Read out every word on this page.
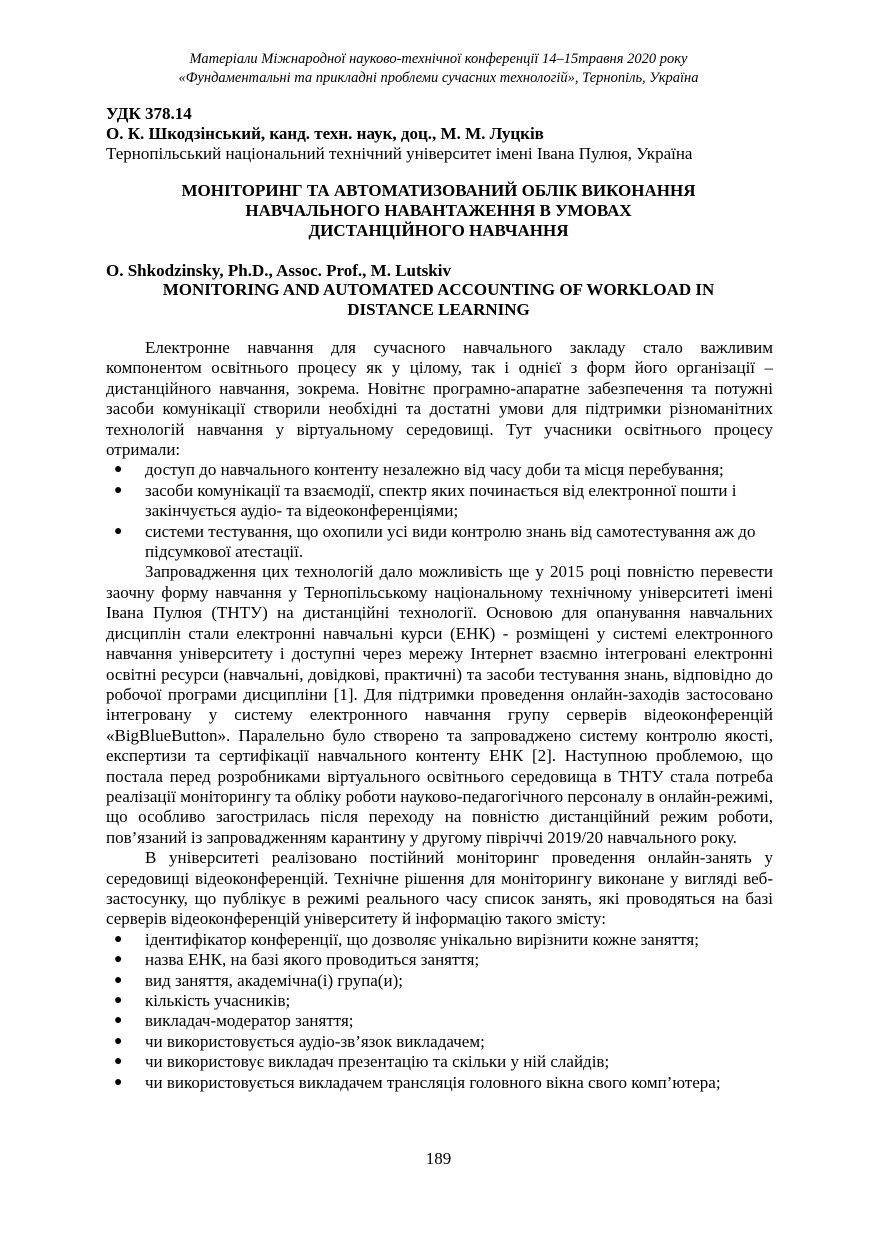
Матеріали Міжнародної науково-технічної конференції 14–15травня 2020 року
«Фундаментальні та прикладні проблеми сучасних технологій», Тернопіль, Україна
УДК 378.14
О. К. Шкодзінський, канд. техн. наук, доц., М. М. Луцків
Тернопільський національний технічний університет імені Івана Пулюя, Україна
МОНІТОРИНГ ТА АВТОМАТИЗОВАНИЙ ОБЛІК ВИКОНАННЯ
НАВЧАЛЬНОГО НАВАНТАЖЕННЯ В УМОВАХ
ДИСТАНЦІЙНОГО НАВЧАННЯ
O. Shkodzinsky, Ph.D., Assoc. Prof., M. Lutskiv
MONITORING AND AUTOMATED ACCOUNTING OF WORKLOAD IN
DISTANCE LEARNING

Електронне навчання для сучасного навчального закладу стало важливим компонентом освітнього процесу як у цілому, так і однієї з форм його організації – дистанційного навчання, зокрема. Новітнє програмно-апаратне забезпечення та потужні засоби комунікації створили необхідні та достатні умови для підтримки різноманітних технологій навчання у віртуальному середовищі. Тут учасники освітнього процесу отримали:

● доступ до навчального контенту незалежно від часу доби та місця перебування;
● засоби комунікації та взаємодії, спектр яких починається від електронної пошти і закінчується аудіо- та відеоконференціями;
● системи тестування, що охопили усі види контролю знань від самотестування аж до підсумкової атестації.

Запровадження цих технологій дало можливість ще у 2015 році повністю перевести заочну форму навчання у Тернопільському національному технічному університеті імені Івана Пулюя (ТНТУ) на дистанційні технології. Основою для опанування навчальних дисциплін стали електронні навчальні курси (ЕНК) - розміщені у системі електронного навчання університету і доступні через мережу Інтернет взаємно інтегровані електронні освітні ресурси (навчальні, довідкові, практичні) та засоби тестування знань, відповідно до робочої програми дисципліни [1]. Для підтримки проведення онлайн-заходів застосовано інтегровану у систему електронного навчання групу серверів відеоконференцій «BigBlueButton». Паралельно було створено та запроваджено систему контролю якості, експертизи та сертифікації навчального контенту ЕНК [2]. Наступною проблемою, що постала перед розробниками віртуального освітнього середовища в ТНТУ стала потреба реалізації моніторингу та обліку роботи науково-педагогічного персоналу в онлайн-режимі, що особливо загострилась після переходу на повністю дистанційний режим роботи, пов’язаний із запровадженням карантину у другому півріччі 2019/20 навчального року.

В університеті реалізовано постійний моніторинг проведення онлайн-занять у середовищі відеоконференцій. Технічне рішення для моніторингу виконане у вигляді веб-застосунку, що публікує в режимі реального часу список занять, які проводяться на базі серверів відеоконференцій університету й інформацію такого змісту:

● ідентифікатор конференції, що дозволяє унікально вирізнити кожне заняття;
● назва ЕНК, на базі якого проводиться заняття;
● вид заняття, академічна(і) група(и);
● кількість учасників;
● викладач-модератор заняття;
● чи використовується аудіо-зв’язок викладачем;
● чи використовує викладач презентацію та скільки у ній слайдів;
● чи використовується викладачем трансляція головного вікна свого комп’ютера;
189
